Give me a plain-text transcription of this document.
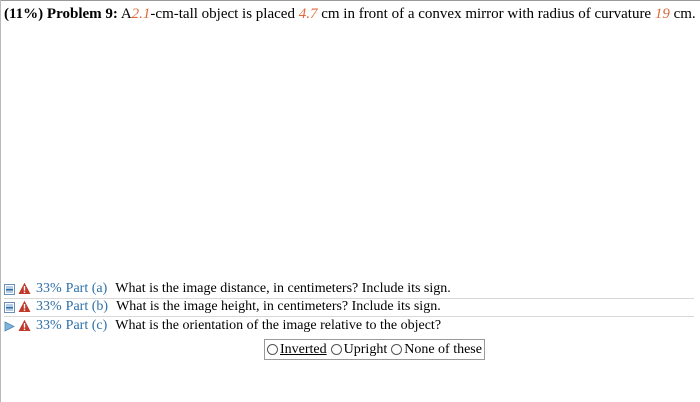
(11%) Problem 9: A2.1-cm-tall object is placed 4.7 cm in front of a convex mirror with radius of curvature 19 cm.
33% Part (a) What is the image distance, in centimeters? Include its sign.
33% Part (b) What is the image height, in centimeters? Include its sign.
33% Part (c) What is the orientation of the image relative to the object?
Inverted Upright None of these
